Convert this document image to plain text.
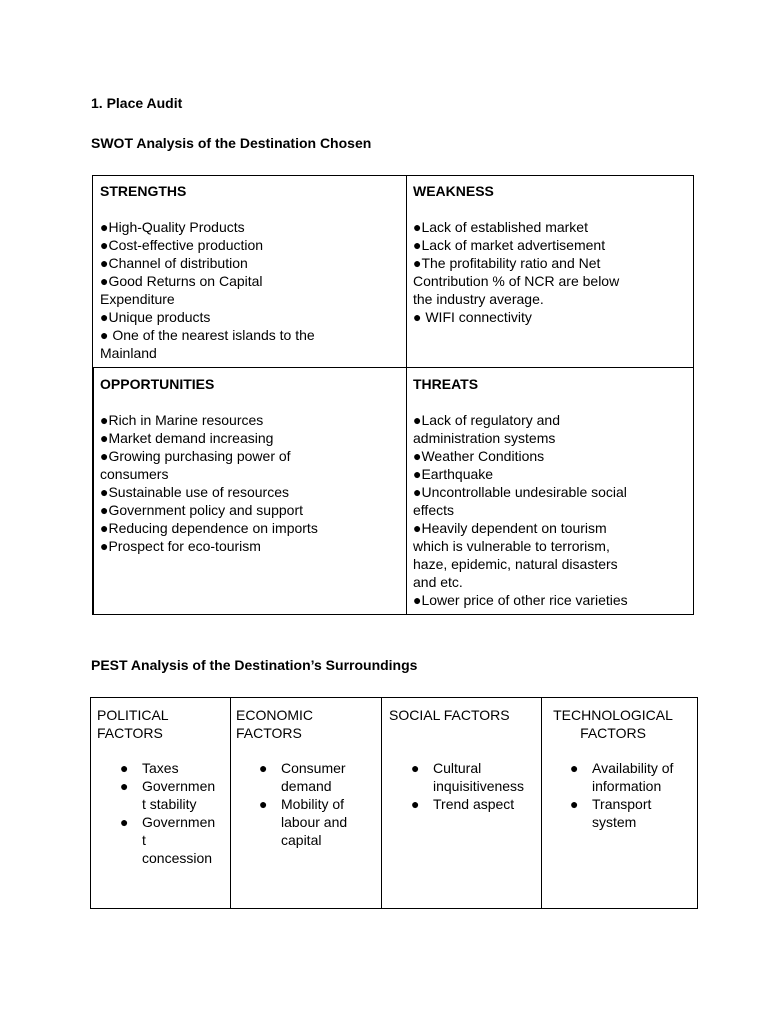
1. Place Audit
SWOT Analysis of the Destination Chosen
STRENGTHS
●High-Quality Products
●Cost-effective production
●Channel of distribution
●Good Returns on Capital
Expenditure
●Unique products
● One of the nearest islands to the
Mainland
WEAKNESS
●Lack of established market
●Lack of market advertisement
●The profitability ratio and Net
Contribution % of NCR are below
the industry average.
● WIFI connectivity
OPPORTUNITIES
●Rich in Marine resources
●Market demand increasing
●Growing purchasing power of
consumers
●Sustainable use of resources
●Government policy and support
●Reducing dependence on imports
●Prospect for eco-tourism
THREATS
●Lack of regulatory and
administration systems
●Weather Conditions
●Earthquake
●Uncontrollable undesirable social
effects
●Heavily dependent on tourism
which is vulnerable to terrorism,
haze, epidemic, natural disasters
and etc.
●Lower price of other rice varieties
PEST Analysis of the Destination’s Surroundings
POLITICAL
FACTORS
● Taxes
● Governmen
t stability
● Governmen
t
concession
ECONOMIC
FACTORS
● Consumer
demand
● Mobility of
labour and
capital
SOCIAL FACTORS
● Cultural
inquisitiveness
● Trend aspect
TECHNOLOGICAL
FACTORS
● Availability of
information
● Transport
system
